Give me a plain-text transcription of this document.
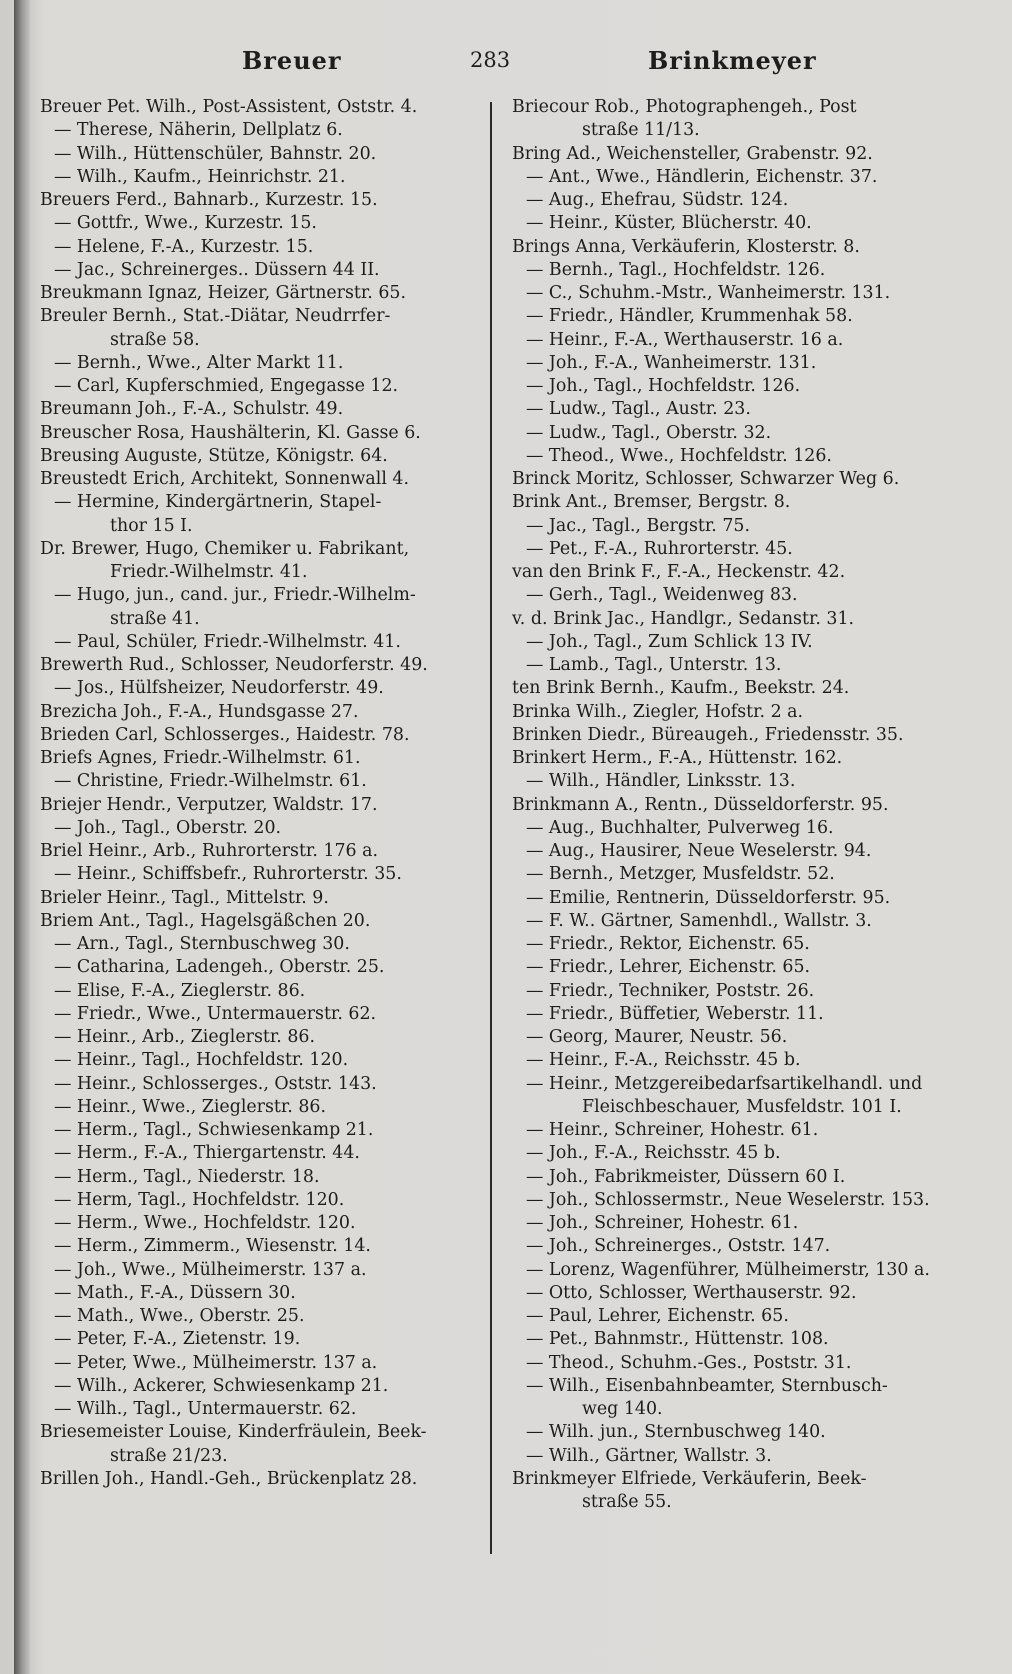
Breuer	283	Brinkmeyer
Breuer Pet. Wilh., Post-Assistent, Oststr. 4.
— Therese, Näherin, Dellplatz 6.
— Wilh., Hüttenschüler, Bahnstr. 20.
— Wilh., Kaufm., Heinrichstr. 21.
Breuers Ferd., Bahnarb., Kurzestr. 15.
— Gottfr., Wwe., Kurzestr. 15.
— Helene, F.-A., Kurzestr. 15.
— Jac., Schreinerges.. Düssern 44 II.
Breukmann Ignaz, Heizer, Gärtnerstr. 65.
Breuler Bernh., Stat.-Diätar, Neudrrfer-
straße 58.
— Bernh., Wwe., Alter Markt 11.
— Carl, Kupferschmied, Engegasse 12.
Breumann Joh., F.-A., Schulstr. 49.
Breuscher Rosa, Haushälterin, Kl. Gasse 6.
Breusing Auguste, Stütze, Königstr. 64.
Breustedt Erich, Architekt, Sonnenwall 4.
— Hermine, Kindergärtnerin, Stapel-
thor 15 I.
Dr. Brewer, Hugo, Chemiker u. Fabrikant,
Friedr.-Wilhelmstr. 41.
— Hugo, jun., cand. jur., Friedr.-Wilhelm-
straße 41.
— Paul, Schüler, Friedr.-Wilhelmstr. 41.
Brewerth Rud., Schlosser, Neudorferstr. 49.
— Jos., Hülfsheizer, Neudorferstr. 49.
Brezicha Joh., F.-A., Hundsgasse 27.
Brieden Carl, Schlosserges., Haidestr. 78.
Briefs Agnes, Friedr.-Wilhelmstr. 61.
— Christine, Friedr.-Wilhelmstr. 61.
Briejer Hendr., Verputzer, Waldstr. 17.
— Joh., Tagl., Oberstr. 20.
Briel Heinr., Arb., Ruhrorterstr. 176 a.
— Heinr., Schiffsbefr., Ruhrorterstr. 35.
Brieler Heinr., Tagl., Mittelstr. 9.
Briem Ant., Tagl., Hagelsgäßchen 20.
— Arn., Tagl., Sternbuschweg 30.
— Catharina, Ladengeh., Oberstr. 25.
— Elise, F.-A., Zieglerstr. 86.
— Friedr., Wwe., Untermauerstr. 62.
— Heinr., Arb., Zieglerstr. 86.
— Heinr., Tagl., Hochfeldstr. 120.
— Heinr., Schlosserges., Oststr. 143.
— Heinr., Wwe., Zieglerstr. 86.
— Herm., Tagl., Schwiesenkamp 21.
— Herm., F.-A., Thiergartenstr. 44.
— Herm., Tagl., Niederstr. 18.
— Herm, Tagl., Hochfeldstr. 120.
— Herm., Wwe., Hochfeldstr. 120.
— Herm., Zimmerm., Wiesenstr. 14.
— Joh., Wwe., Mülheimerstr. 137 a.
— Math., F.-A., Düssern 30.
— Math., Wwe., Oberstr. 25.
— Peter, F.-A., Zietenstr. 19.
— Peter, Wwe., Mülheimerstr. 137 a.
— Wilh., Ackerer, Schwiesenkamp 21.
— Wilh., Tagl., Untermauerstr. 62.
Briesemeister Louise, Kinderfräulein, Beek-
straße 21/23.
Brillen Joh., Handl.-Geh., Brückenplatz 28.
Briecour Rob., Photographengeh., Post
straße 11/13.
Bring Ad., Weichensteller, Grabenstr. 92.
— Ant., Wwe., Händlerin, Eichenstr. 37.
— Aug., Ehefrau, Südstr. 124.
— Heinr., Küster, Blücherstr. 40.
Brings Anna, Verkäuferin, Klosterstr. 8.
— Bernh., Tagl., Hochfeldstr. 126.
— C., Schuhm.-Mstr., Wanheimerstr. 131.
— Friedr., Händler, Krummenhak 58.
— Heinr., F.-A., Werthauserstr. 16 a.
— Joh., F.-A., Wanheimerstr. 131.
— Joh., Tagl., Hochfeldstr. 126.
— Ludw., Tagl., Austr. 23.
— Ludw., Tagl., Oberstr. 32.
— Theod., Wwe., Hochfeldstr. 126.
Brinck Moritz, Schlosser, Schwarzer Weg 6.
Brink Ant., Bremser, Bergstr. 8.
— Jac., Tagl., Bergstr. 75.
— Pet., F.-A., Ruhrorterstr. 45.
van den Brink F., F.-A., Heckenstr. 42.
— Gerh., Tagl., Weidenweg 83.
v. d. Brink Jac., Handlgr., Sedanstr. 31.
— Joh., Tagl., Zum Schlick 13 IV.
— Lamb., Tagl., Unterstr. 13.
ten Brink Bernh., Kaufm., Beekstr. 24.
Brinka Wilh., Ziegler, Hofstr. 2 a.
Brinken Diedr., Büreaugeh., Friedensstr. 35.
Brinkert Herm., F.-A., Hüttenstr. 162.
— Wilh., Händler, Linksstr. 13.
Brinkmann A., Rentn., Düsseldorferstr. 95.
— Aug., Buchhalter, Pulverweg 16.
— Aug., Hausirer, Neue Weselerstr. 94.
— Bernh., Metzger, Musfeldstr. 52.
— Emilie, Rentnerin, Düsseldorferstr. 95.
— F. W.. Gärtner, Samenhdl., Wallstr. 3.
— Friedr., Rektor, Eichenstr. 65.
— Friedr., Lehrer, Eichenstr. 65.
— Friedr., Techniker, Poststr. 26.
— Friedr., Büffetier, Weberstr. 11.
— Georg, Maurer, Neustr. 56.
— Heinr., F.-A., Reichsstr. 45 b.
— Heinr., Metzgereibedarfsartikelhandl. und
Fleischbeschauer, Musfeldstr. 101 I.
— Heinr., Schreiner, Hohestr. 61.
— Joh., F.-A., Reichsstr. 45 b.
— Joh., Fabrikmeister, Düssern 60 I.
— Joh., Schlossermstr., Neue Weselerstr. 153.
— Joh., Schreiner, Hohestr. 61.
— Joh., Schreinerges., Oststr. 147.
— Lorenz, Wagenführer, Mülheimerstr, 130 a.
— Otto, Schlosser, Werthauserstr. 92.
— Paul, Lehrer, Eichenstr. 65.
— Pet., Bahnmstr., Hüttenstr. 108.
— Theod., Schuhm.-Ges., Poststr. 31.
— Wilh., Eisenbahnbeamter, Sternbusch-
weg 140.
— Wilh. jun., Sternbuschweg 140.
— Wilh., Gärtner, Wallstr. 3.
Brinkmeyer Elfriede, Verkäuferin, Beek-
straße 55.
